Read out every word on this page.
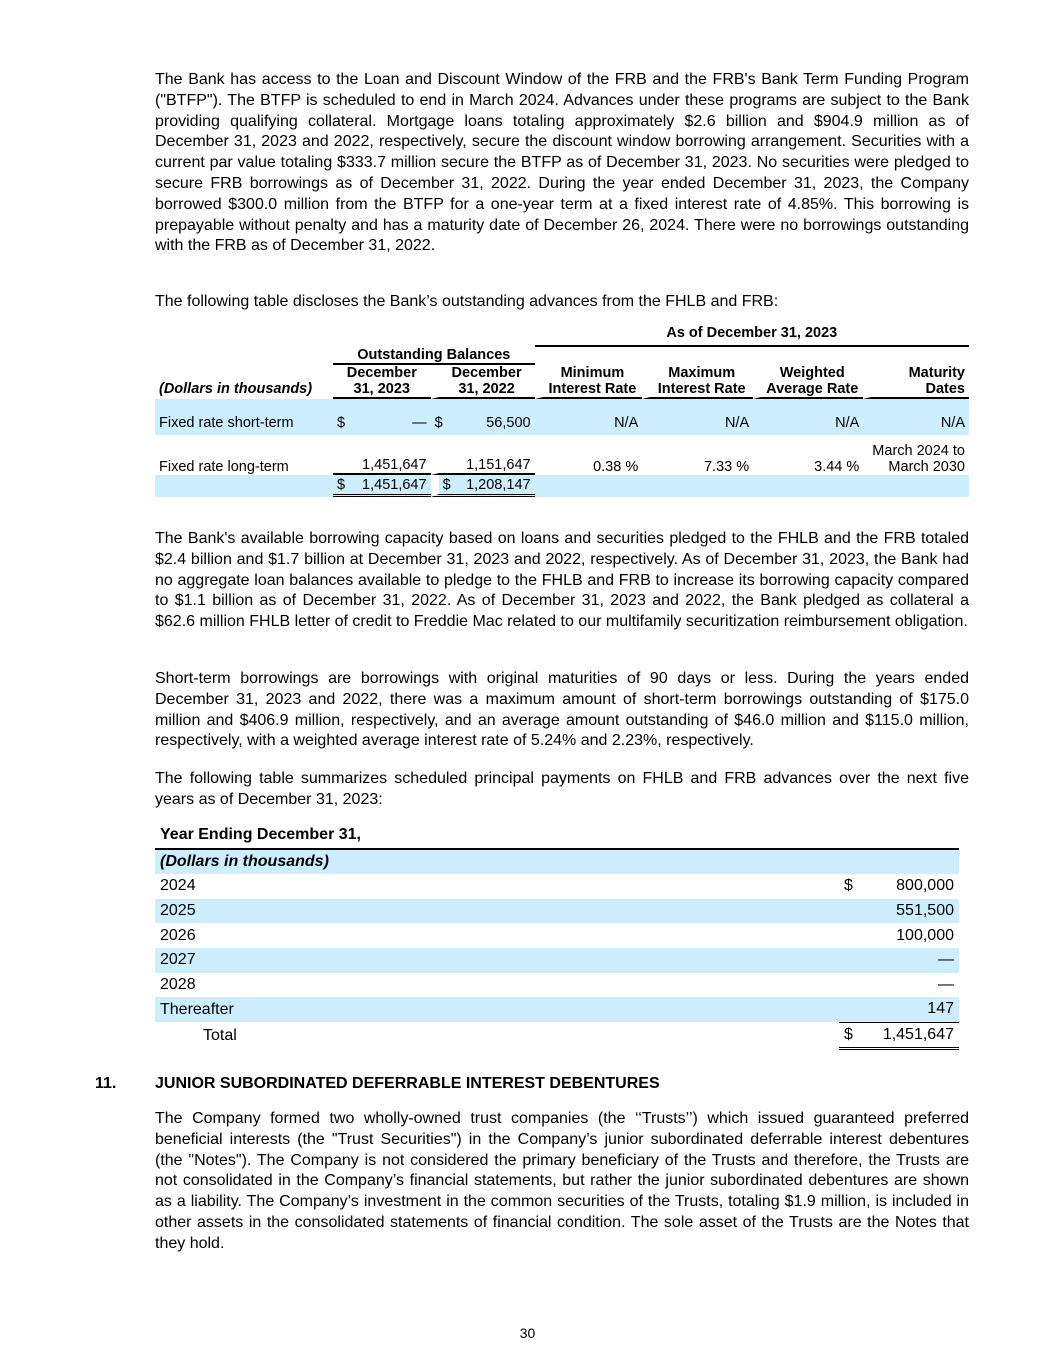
The Bank has access to the Loan and Discount Window of the FRB and the FRB's Bank Term Funding Program ("BTFP"). The BTFP is scheduled to end in March 2024. Advances under these programs are subject to the Bank providing qualifying collateral. Mortgage loans totaling approximately $2.6 billion and $904.9 million as of December 31, 2023 and 2022, respectively, secure the discount window borrowing arrangement. Securities with a current par value totaling $333.7 million secure the BTFP as of December 31, 2023. No securities were pledged to secure FRB borrowings as of December 31, 2022. During the year ended December 31, 2023, the Company borrowed $300.0 million from the BTFP for a one-year term at a fixed interest rate of 4.85%. This borrowing is prepayable without penalty and has a maturity date of December 26, 2024. There were no borrowings outstanding with the FRB as of December 31, 2022.

The following table discloses the Bank’s outstanding advances from the FHLB and FRB:

					As of December 31, 2023			
(Dollars in thousands)	Outstanding Balances				Minimum Interest Rate	Maximum Interest Rate	Weighted Average Rate	Maturity Dates
	December 31, 2023		December 31, 2022					

Fixed rate short-term	$	—	$	56,500	N/A	N/A	N/A	N/A
Fixed rate long-term		1,451,647		1,151,647	0.38 %	7.33 %	3.44 %	March 2024 to March 2030
	$	1,451,647	$	1,208,147				

The Bank's available borrowing capacity based on loans and securities pledged to the FHLB and the FRB totaled $2.4 billion and $1.7 billion at December 31, 2023 and 2022, respectively. As of December 31, 2023, the Bank had no aggregate loan balances available to pledge to the FHLB and FRB to increase its borrowing capacity compared to $1.1 billion as of December 31, 2022. As of December 31, 2023 and 2022, the Bank pledged as collateral a $62.6 million FHLB letter of credit to Freddie Mac related to our multifamily securitization reimbursement obligation.

Short-term borrowings are borrowings with original maturities of 90 days or less. During the years ended December 31, 2023 and 2022, there was a maximum amount of short-term borrowings outstanding of $175.0 million and $406.9 million, respectively, and an average amount outstanding of $46.0 million and $115.0 million, respectively, with a weighted average interest rate of 5.24% and 2.23%, respectively.

The following table summarizes scheduled principal payments on FHLB and FRB advances over the next five years as of December 31, 2023:

Year Ending December 31,		
(Dollars in thousands)		
2024	$	800,000
2025		551,500
2026		100,000
2027		—
2028		—
Thereafter		147
Total	$	1,451,647
11. JUNIOR SUBORDINATED DEFERRABLE INTEREST DEBENTURES

The Company formed two wholly-owned trust companies (the ‘‘Trusts’’) which issued guaranteed preferred beneficial interests (the "Trust Securities") in the Company’s junior subordinated deferrable interest debentures (the "Notes"). The Company is not considered the primary beneficiary of the Trusts and therefore, the Trusts are not consolidated in the Company’s financial statements, but rather the junior subordinated debentures are shown as a liability. The Company’s investment in the common securities of the Trusts, totaling $1.9 million, is included in other assets in the consolidated statements of financial condition. The sole asset of the Trusts are the Notes that they hold.

30
